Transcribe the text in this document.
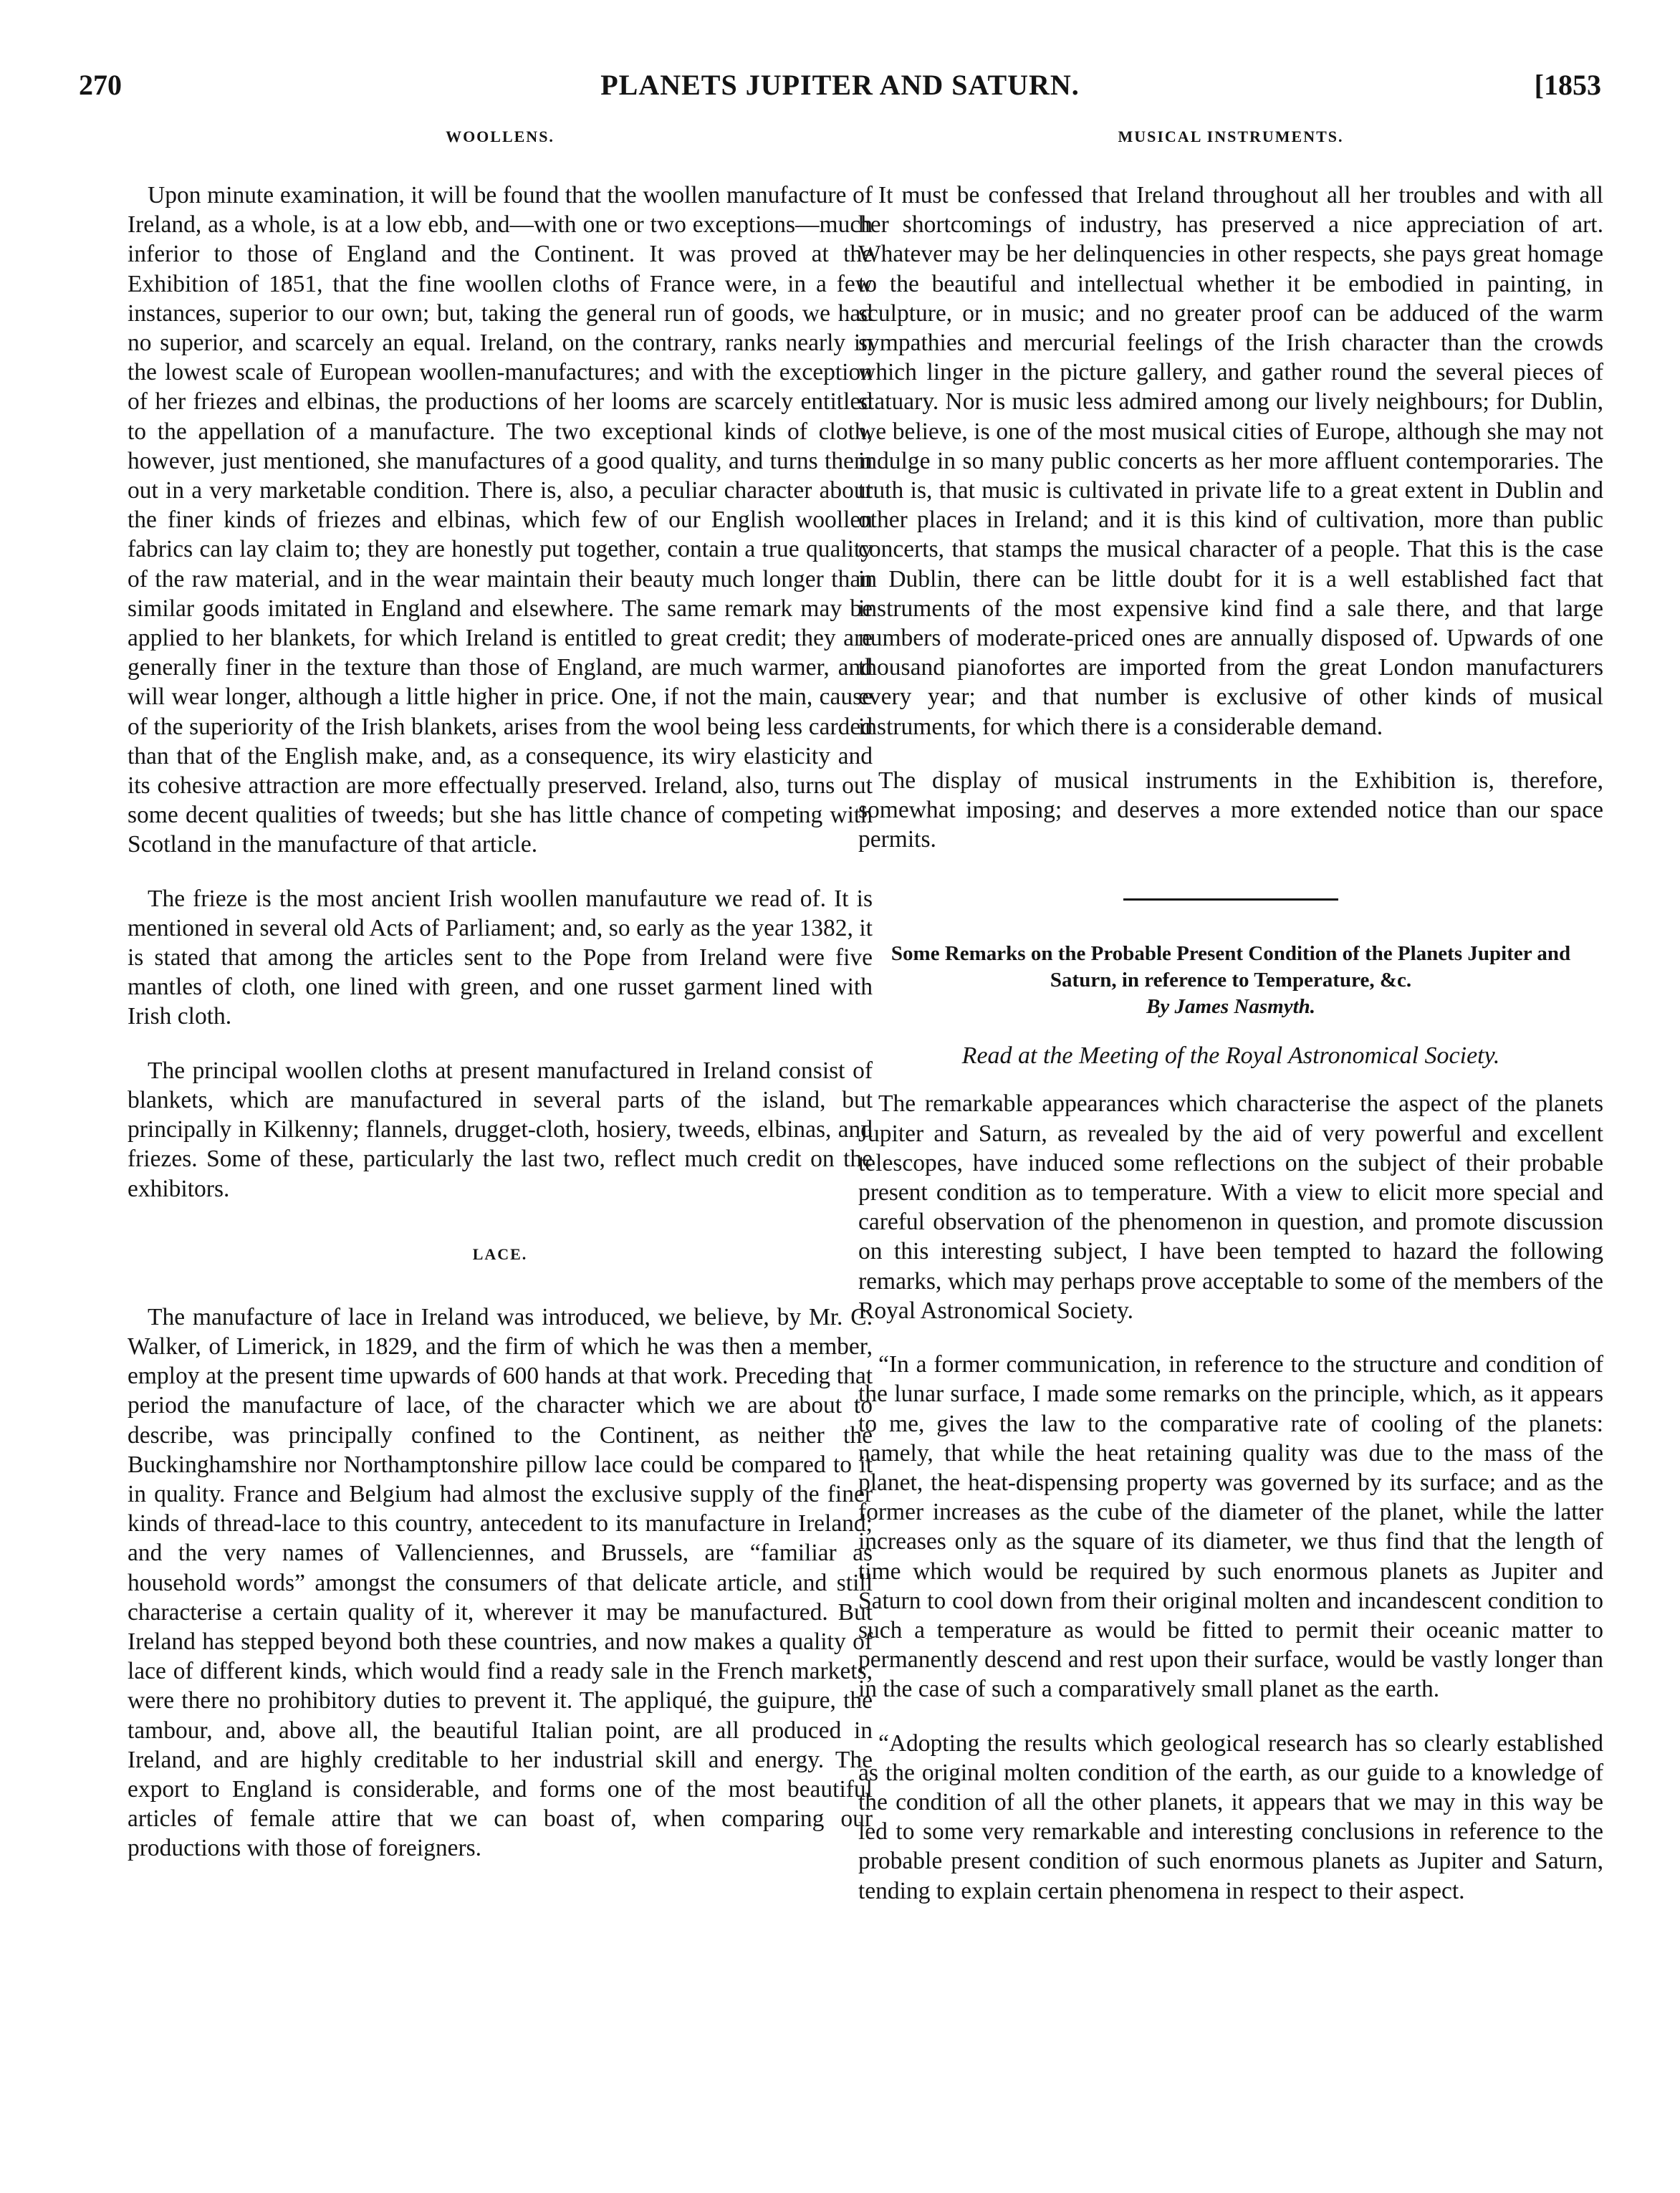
270	PLANETS JUPITER AND SATURN.	[1853
WOOLLENS.

Upon minute examination, it will be found that the woollen manufacture of Ireland, as a whole, is at a low ebb, and—with one or two exceptions—much inferior to those of England and the Continent. It was proved at the Exhibition of 1851, that the fine woollen cloths of France were, in a few instances, superior to our own; but, taking the general run of goods, we had no superior, and scarcely an equal. Ireland, on the contrary, ranks nearly in the lowest scale of European woollen-manufactures; and with the exception of her friezes and elbinas, the productions of her looms are scarcely entitled to the appellation of a manufacture. The two exceptional kinds of cloth, however, just mentioned, she manufactures of a good quality, and turns them out in a very marketable condition. There is, also, a peculiar character about the finer kinds of friezes and elbinas, which few of our English woollen fabrics can lay claim to; they are honestly put together, contain a true quality of the raw material, and in the wear maintain their beauty much longer than similar goods imitated in England and elsewhere. The same remark may be applied to her blankets, for which Ireland is entitled to great credit; they are generally finer in the texture than those of England, are much warmer, and will wear longer, although a little higher in price. One, if not the main, cause of the superiority of the Irish blankets, arises from the wool being less carded than that of the English make, and, as a consequence, its wiry elasticity and its cohesive attraction are more effectually preserved. Ireland, also, turns out some decent qualities of tweeds; but she has little chance of competing with Scotland in the manufacture of that article.

The frieze is the most ancient Irish woollen manufauture we read of. It is mentioned in several old Acts of Parliament; and, so early as the year 1382, it is stated that among the articles sent to the Pope from Ireland were five mantles of cloth, one lined with green, and one russet garment lined with Irish cloth.

The principal woollen cloths at present manufactured in Ireland consist of blankets, which are manufactured in several parts of the island, but principally in Kilkenny; flannels, drugget-cloth, hosiery, tweeds, elbinas, and friezes. Some of these, particularly the last two, reflect much credit on the exhibitors.

LACE.

The manufacture of lace in Ireland was introduced, we believe, by Mr. C. Walker, of Limerick, in 1829, and the firm of which he was then a member, employ at the present time upwards of 600 hands at that work. Preceding that period the manufacture of lace, of the character which we are about to describe, was principally confined to the Continent, as neither the Buckinghamshire nor Northamptonshire pillow lace could be compared to it in quality. France and Belgium had almost the exclusive supply of the finer kinds of thread-lace to this country, antecedent to its manufacture in Ireland; and the very names of Vallenciennes, and Brussels, are “familiar as household words” amongst the consumers of that delicate article, and still characterise a certain quality of it, wherever it may be manufactured. But Ireland has stepped beyond both these countries, and now makes a quality of lace of different kinds, which would find a ready sale in the French markets, were there no prohibitory duties to prevent it. The appliqué, the guipure, the tambour, and, above all, the beautiful Italian point, are all produced in Ireland, and are highly creditable to her industrial skill and energy. The export to England is considerable, and forms one of the most beautiful articles of female attire that we can boast of, when comparing our productions with those of foreigners.

MUSICAL INSTRUMENTS.

It must be confessed that Ireland throughout all her troubles and with all her shortcomings of industry, has preserved a nice appreciation of art. Whatever may be her delinquencies in other respects, she pays great homage to the beautiful and intellectual whether it be embodied in painting, in sculpture, or in music; and no greater proof can be adduced of the warm sympathies and mercurial feelings of the Irish character than the crowds which linger in the picture gallery, and gather round the several pieces of statuary. Nor is music less admired among our lively neighbours; for Dublin, we believe, is one of the most musical cities of Europe, although she may not indulge in so many public concerts as her more affluent contemporaries. The truth is, that music is cultivated in private life to a great extent in Dublin and other places in Ireland; and it is this kind of cultivation, more than public concerts, that stamps the musical character of a people. That this is the case in Dublin, there can be little doubt for it is a well established fact that instruments of the most expensive kind find a sale there, and that large numbers of moderate-priced ones are annually disposed of. Upwards of one thousand pianofortes are imported from the great London manufacturers every year; and that number is exclusive of other kinds of musical instruments, for which there is a considerable demand.

The display of musical instruments in the Exhibition is, therefore, somewhat imposing; and deserves a more extended notice than our space permits.

Some Remarks on the Probable Present Condition of the Planets Jupiter and Saturn, in reference to Temperature, &c.
By James Nasmyth.
Read at the Meeting of the Royal Astronomical Society.

The remarkable appearances which characterise the aspect of the planets Jupiter and Saturn, as revealed by the aid of very powerful and excellent telescopes, have induced some reflections on the subject of their probable present condition as to temperature. With a view to elicit more special and careful observation of the phenomenon in question, and promote discussion on this interesting subject, I have been tempted to hazard the following remarks, which may perhaps prove acceptable to some of the members of the Royal Astronomical Society.

“In a former communication, in reference to the structure and condition of the lunar surface, I made some remarks on the principle, which, as it appears to me, gives the law to the comparative rate of cooling of the planets: namely, that while the heat retaining quality was due to the mass of the planet, the heat-dispensing property was governed by its surface; and as the former increases as the cube of the diameter of the planet, while the latter increases only as the square of its diameter, we thus find that the length of time which would be required by such enormous planets as Jupiter and Saturn to cool down from their original molten and incandescent condition to such a temperature as would be fitted to permit their oceanic matter to permanently descend and rest upon their surface, would be vastly longer than in the case of such a comparatively small planet as the earth.

“Adopting the results which geological research has so clearly established as the original molten condition of the earth, as our guide to a knowledge of the condition of all the other planets, it appears that we may in this way be led to some very remarkable and interesting conclusions in reference to the probable present condition of such enormous planets as Jupiter and Saturn, tending to explain certain phenomena in respect to their aspect.
